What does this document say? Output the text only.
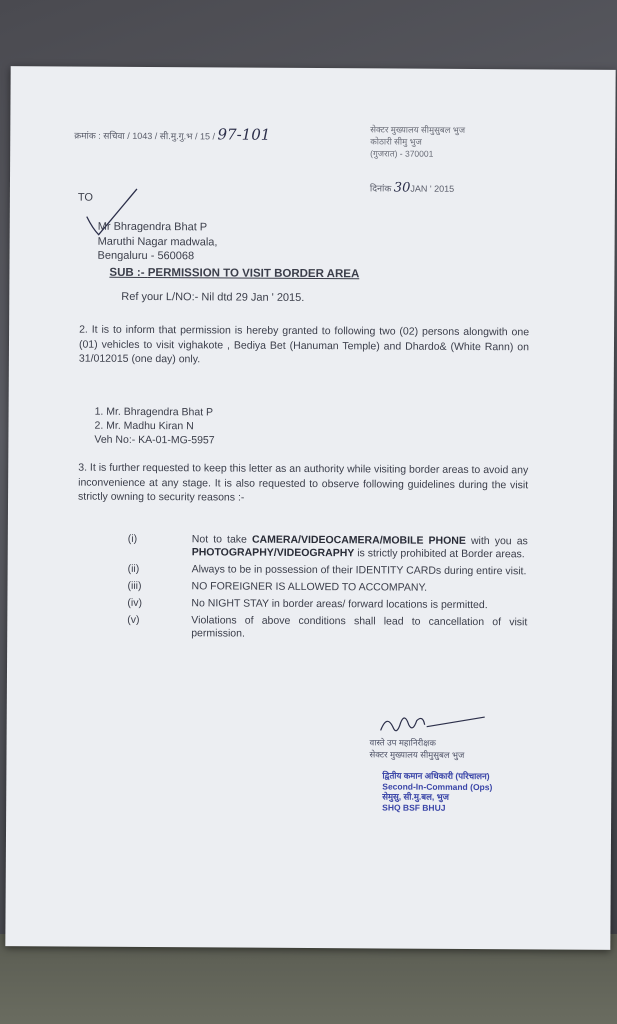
क्रमांक : सचिवा / 1043 / सी.मु.गु.भ / 15 / 97-101	सेक्टर मुख्यालय सीमुसुबल भुज
कोठारी सीमु भुज
(गुजरात) - 370001
दिनांक 30JAN ' 2015
TO
Mr Bhragendra Bhat P
Maruthi Nagar madwala,
Bengaluru - 560068
SUB :- PERMISSION TO VISIT BORDER AREA
Ref your L/NO:- Nil dtd 29 Jan ' 2015.
2. It is to inform that permission is hereby granted to following two (02) persons alongwith one (01) vehicles to visit vighakote , Bediya Bet (Hanuman Temple) and Dhardo& (White Rann) on 31/012015 (one day) only.
1. Mr. Bhragendra Bhat P
2. Mr. Madhu Kiran N
Veh No:- KA-01-MG-5957
3. It is further requested to keep this letter as an authority while visiting border areas to avoid any inconvenience at any stage. It is also requested to observe following guidelines during the visit strictly owning to security reasons :-
(i)	Not to take CAMERA/VIDEOCAMERA/MOBILE PHONE with you as PHOTOGRAPHY/VIDEOGRAPHY is strictly prohibited at Border areas.
(ii)	Always to be in possession of their IDENTITY CARDs during entire visit.
(iii)	NO FOREIGNER IS ALLOWED TO ACCOMPANY.
(iv)	No NIGHT STAY in border areas/ forward locations is permitted.
(v)	Violations of above conditions shall lead to cancellation of visit permission.
वास्ते उप महानिरीक्षक
सेक्टर मुख्यालय सीमुसुबल भुज
द्वितीय कमान अधिकारी (परिचालन)
Second-In-Command (Ops)
सेमुसु, सी.मु.बल, भुज
SHQ BSF BHUJ
